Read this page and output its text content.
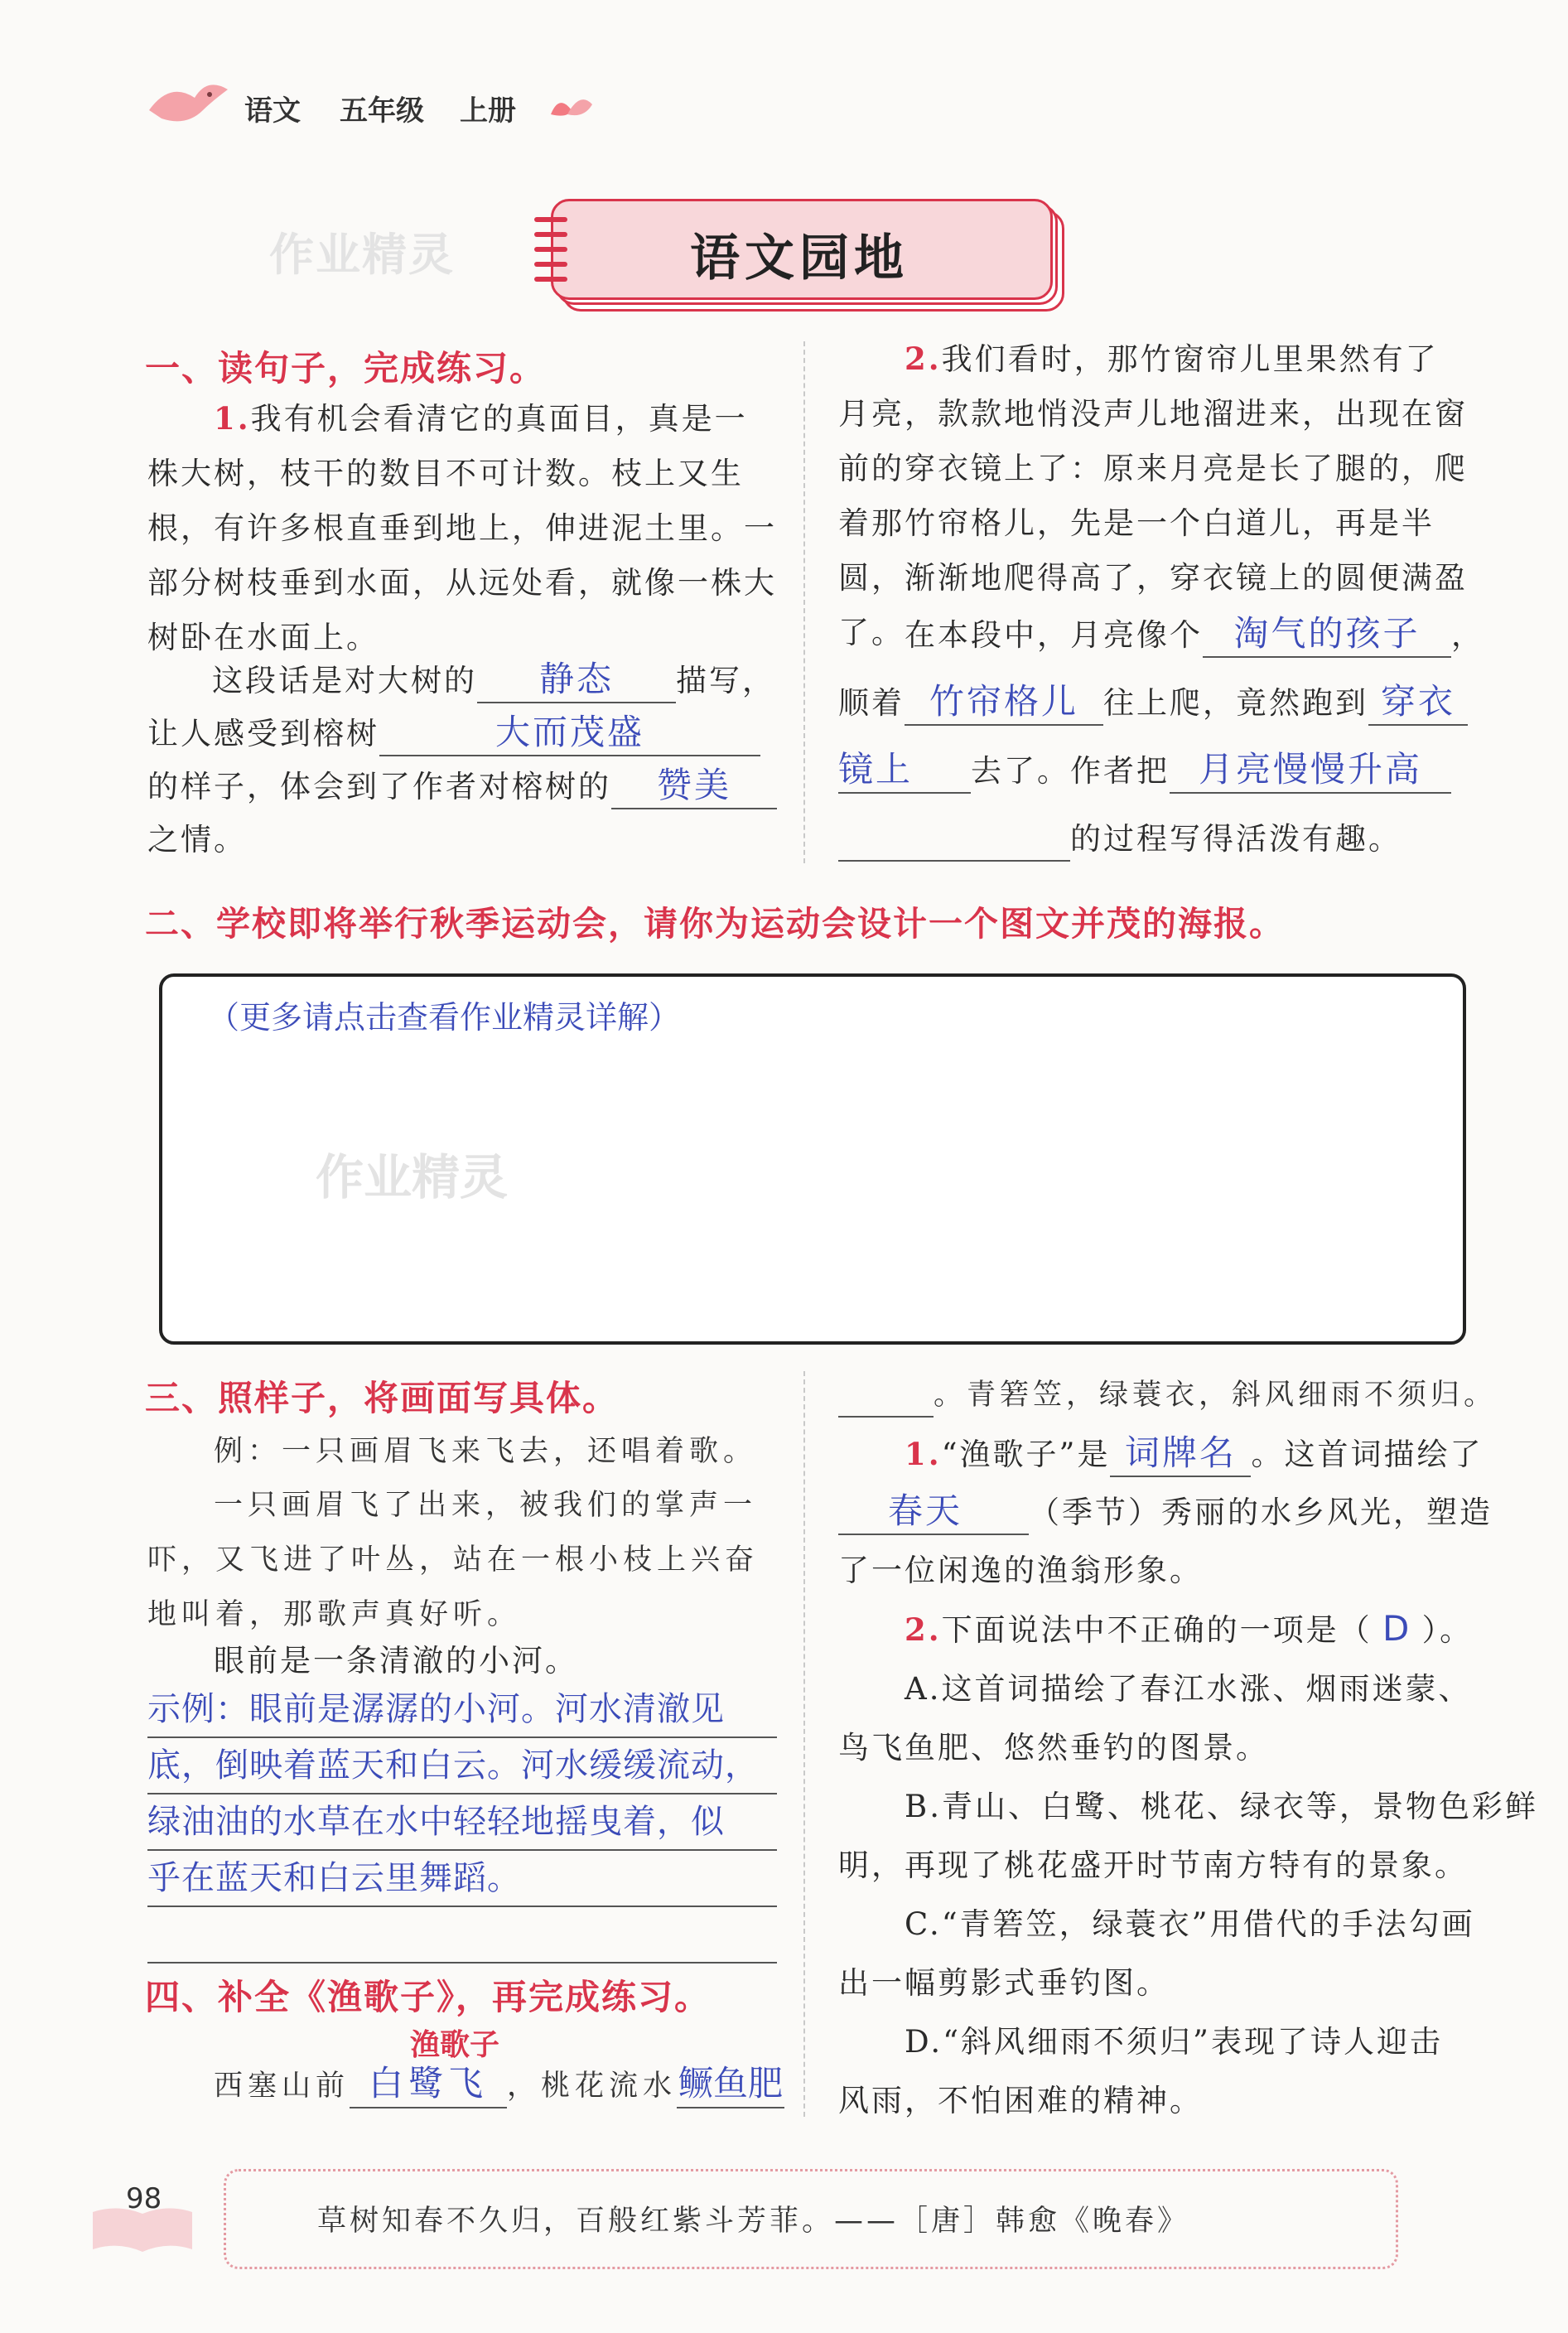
语文 五年级 上册
作业精灵	语文园地
一、读句子，完成练习。
1.我有机会看清它的真面目，真是一株大树，枝干的数目不可计数。枝上又生根，有许多根直垂到地上，伸进泥土里。一部分树枝垂到水面，从远处看，就像一株大树卧在水面上。
这段话是对大树的 静态 描写，
让人感受到榕树	大而茂盛
的样子，体会到了作者对榕树的 赞美
之情。
2.我们看时，那竹窗帘儿里果然有了月亮，款款地悄没声儿地溜进来，出现在窗前的穿衣镜上了：原来月亮是长了腿的，爬着那竹帘格儿，先是一个白道儿，再是半圆，渐渐地爬得高了，穿衣镜上的圆便满盈了。 在本段中，月亮像个 淘气的孩子 ，
顺着 竹帘格儿 往上爬，竟然跑到 穿衣
镜上 去了。作者把 月亮慢慢升高
的过程写得活泼有趣。
二、学校即将举行秋季运动会，请你为运动会设计一个图文并茂的海报。
（更多请点击查看作业精灵详解）
作业精灵
三、照样子，将画面写具体。
例：一只画眉飞来飞去，还唱着歌。
一只画眉飞了出来，被我们的掌声一吓，又飞进了叶丛，站在一根小枝上兴奋地叫着，那歌声真好听。
眼前是一条清澈的小河。
示例：眼前是潺潺的小河。河水清澈见
底，倒映着蓝天和白云。河水缓缓流动，
绿油油的水草在水中轻轻地摇曳着，似
乎在蓝天和白云里舞蹈。
四、补全《渔歌子》，再完成练习。
渔歌子
西塞山前 白鹭飞 ，桃花流水鳜鱼肥
。青箬笠，绿蓑衣，斜风细雨不须归。
1.“渔歌子”是 词牌名 。这首词描绘了
春天 （季节）秀丽的水乡风光，塑造
了一位闲逸的渔翁形象。
2.下面说法中不正确的一项是（ D ）。
A.这首词描绘了春江水涨、烟雨迷蒙、
鸟飞鱼肥、悠然垂钓的图景。
B.青山、白鹭、桃花、绿衣等，景物色彩鲜
明，再现了桃花盛开时节南方特有的景象。
C.“青箬笠，绿蓑衣”用借代的手法勾画
出一幅剪影式垂钓图。
D.“斜风细雨不须归”表现了诗人迎击
风雨，不怕困难的精神。
98
草树知春不久归，百般红紫斗芳菲。——［唐］韩愈《晚春》
